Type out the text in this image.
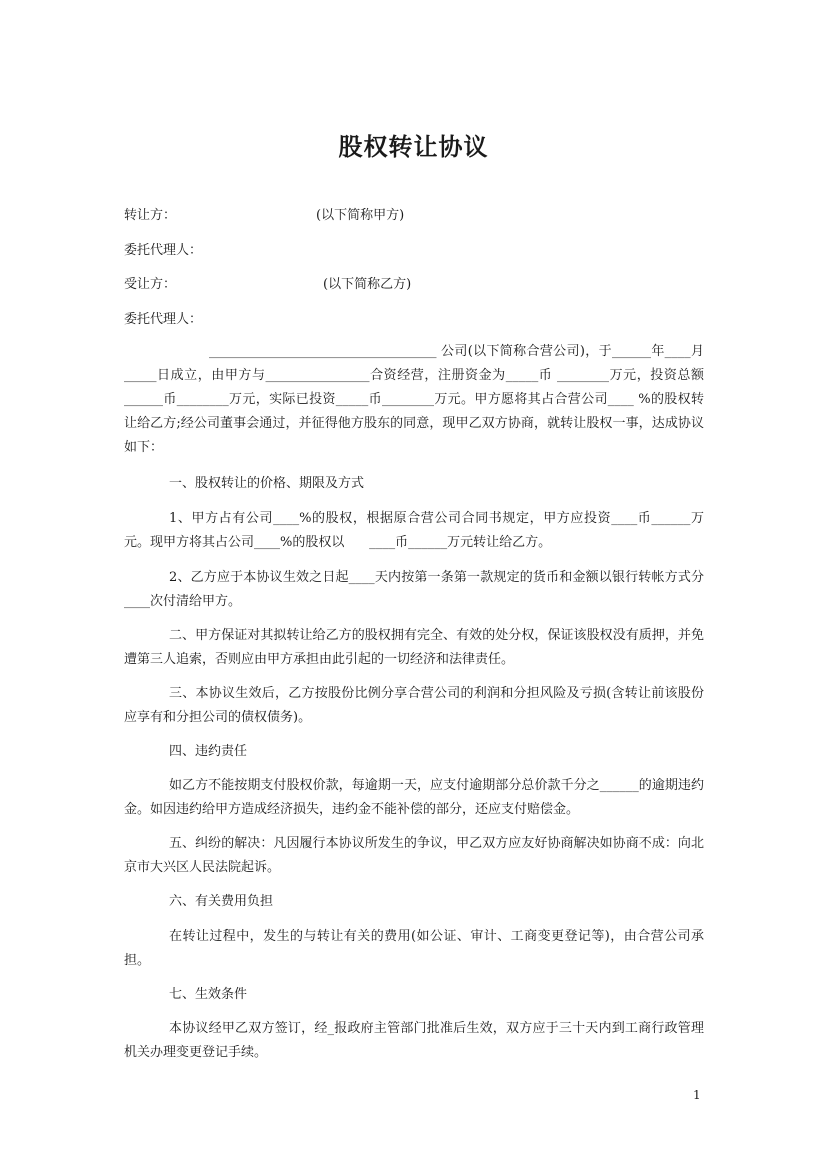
股权转让协议
转让方：	(以下简称甲方)
委托代理人：
受让方：	(以下简称乙方)
委托代理人：
___________________________________ 公司(以下简称合营公司)，于______年____月_____日成立，由甲方与________________合资经营，注册资金为_____币 ________万元，投资总额______币________万元，实际已投资_____币________万元。甲方愿将其占合营公司____ %的股权转让给乙方;经公司董事会通过，并征得他方股东的同意，现甲乙双方协商，就转让股权一事，达成协议如下：
一、股权转让的价格、期限及方式
1、甲方占有公司____%的股权，根据原合营公司合同书规定，甲方应投资____币______万元。现甲方将其占公司____%的股权以      ____币______万元转让给乙方。
2、乙方应于本协议生效之日起____天内按第一条第一款规定的货币和金额以银行转帐方式分____次付清给甲方。
二、甲方保证对其拟转让给乙方的股权拥有完全、有效的处分权，保证该股权没有质押，并免遭第三人追索，否则应由甲方承担由此引起的一切经济和法律责任。
三、本协议生效后，乙方按股份比例分享合营公司的利润和分担风险及亏损(含转让前该股份应享有和分担公司的债权债务)。
四、违约责任
如乙方不能按期支付股权价款，每逾期一天，应支付逾期部分总价款千分之______的逾期违约金。如因违约给甲方造成经济损失，违约金不能补偿的部分，还应支付赔偿金。
五、纠纷的解决：凡因履行本协议所发生的争议，甲乙双方应友好协商解决如协商不成：向北京市大兴区人民法院起诉。
六、有关费用负担
在转让过程中，发生的与转让有关的费用(如公证、审计、工商变更登记等)，由合营公司承担。
七、生效条件
本协议经甲乙双方签订，经_报政府主管部门批准后生效，双方应于三十天内到工商行政管理机关办理变更登记手续。
1
